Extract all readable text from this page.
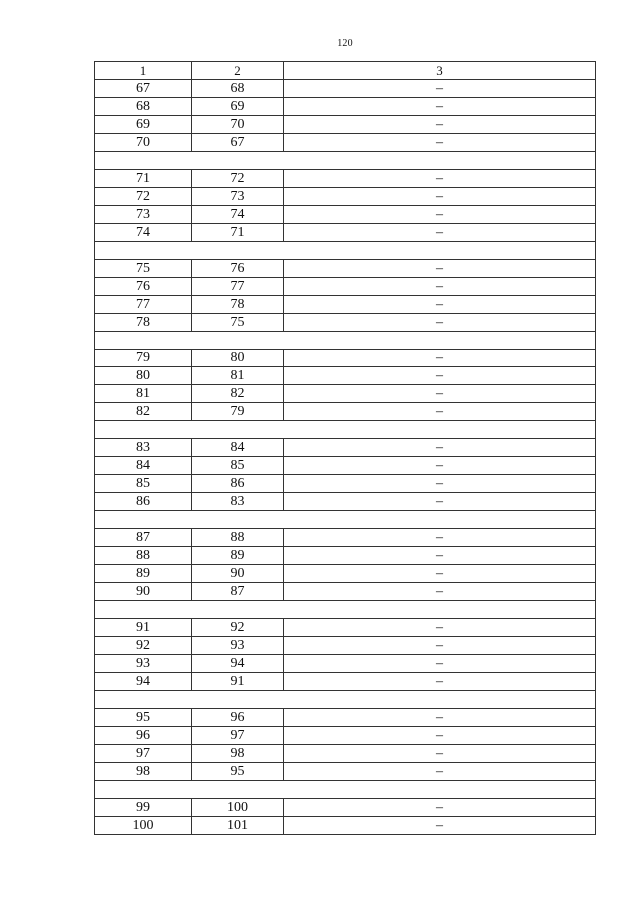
120
1	2	3
67	68	–
68	69	–
69	70	–
70	67	–

71	72	–
72	73	–
73	74	–
74	71	–

75	76	–
76	77	–
77	78	–
78	75	–

79	80	–
80	81	–
81	82	–
82	79	–

83	84	–
84	85	–
85	86	–
86	83	–

87	88	–
88	89	–
89	90	–
90	87	–

91	92	–
92	93	–
93	94	–
94	91	–

95	96	–
96	97	–
97	98	–
98	95	–

99	100	–
100	101	–
